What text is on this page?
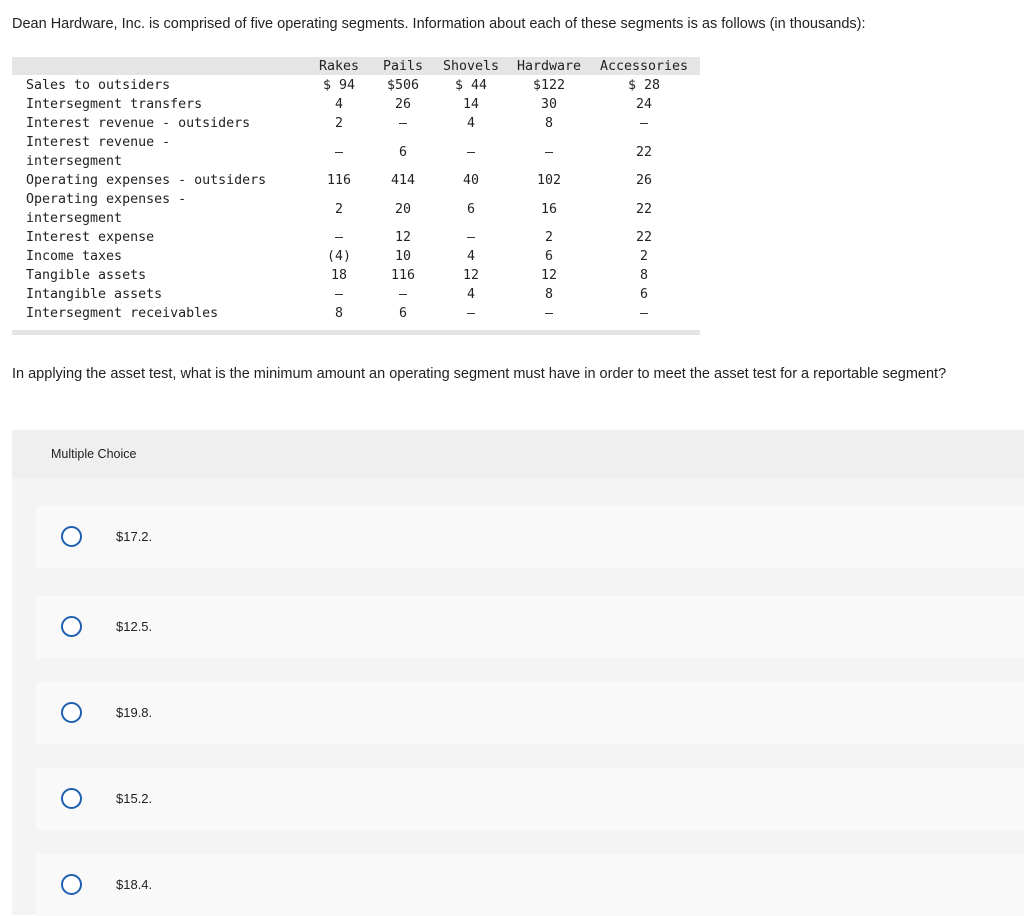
Dean Hardware, Inc. is comprised of five operating segments. Information about each of these segments is as follows (in thousands):
	Rakes	Pails	Shovels	Hardware	Accessories
Sales to outsiders	$ 94	$506	$ 44	$122	$ 28
Intersegment transfers	4	26	14	30	24
Interest revenue - outsiders	2	–	4	8	–
Interest revenue -
intersegment	–	6	–	–	22
Operating expenses - outsiders	116	414	40	102	26
Operating expenses -
intersegment	2	20	6	16	22
Interest expense	–	12	–	2	22
Income taxes	(4)	10	4	6	2
Tangible assets	18	116	12	12	8
Intangible assets	–	–	4	8	6
Intersegment receivables	8	6	–	–	–
In applying the asset test, what is the minimum amount an operating segment must have in order to meet the asset test for a reportable segment?
Multiple Choice
$17.2.
$12.5.
$19.8.
$15.2.
$18.4.
